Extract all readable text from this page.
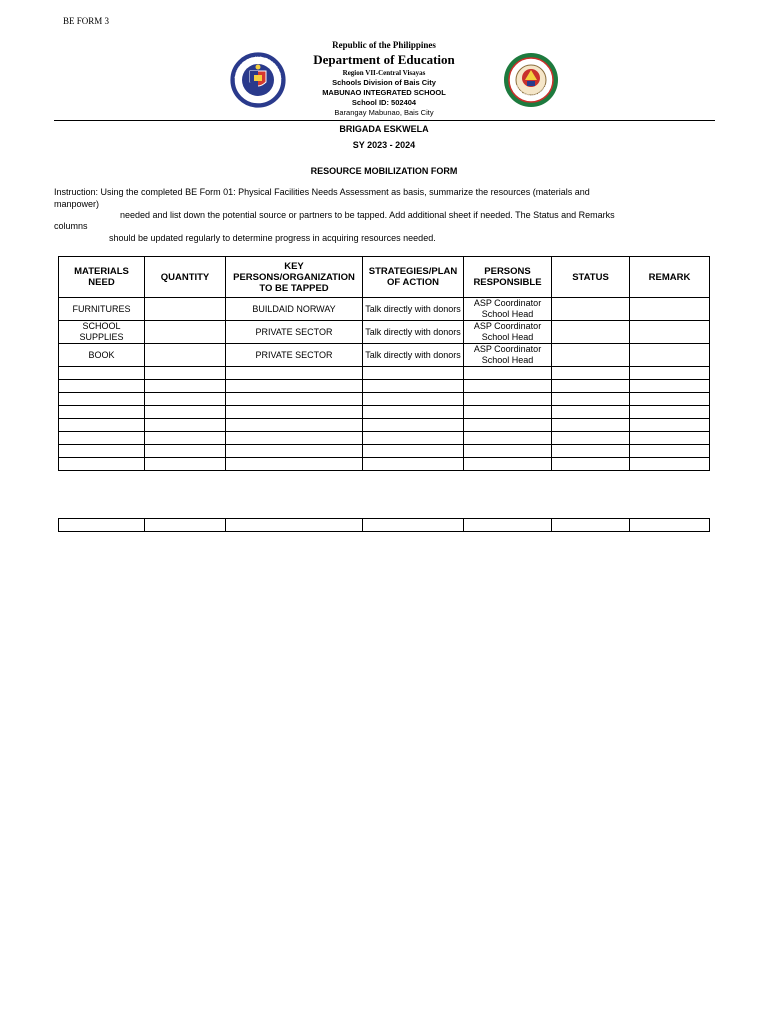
BE FORM 3
GAWARAN NG EDUKASY
BAIS CITY DIVISION
Republic of the Philippines
Department of Education
Region VII-Central Visayas
Schools Division of Bais City
MABUNAO INTEGRATED SCHOOL
School ID: 502404
Barangay Mabunao, Bais City
BRIGADA ESKWELA
SY 2023 - 2024
RESOURCE MOBILIZATION FORM
Instruction: Using the completed BE Form 01: Physical Facilities Needs Assessment as basis, summarize the resources (materials and
manpower)
needed and list down the potential source or partners to be tapped. Add additional sheet if needed. The Status and Remarks
columns
should be updated regularly to determine progress in acquiring resources needed.
MATERIALS NEED	QUANTITY	KEY PERSONS/ORGANIZATION TO BE TAPPED	STRATEGIES/PLAN OF ACTION	PERSONS RESPONSIBLE	STATUS	REMARK
FURNITURES		BUILDAID NORWAY	Talk directly with donors	ASP Coordinator School Head		
SCHOOL SUPPLIES		PRIVATE SECTOR	Talk directly with donors	ASP Coordinator School Head		
BOOK		PRIVATE SECTOR	Talk directly with donors	ASP Coordinator School Head		
